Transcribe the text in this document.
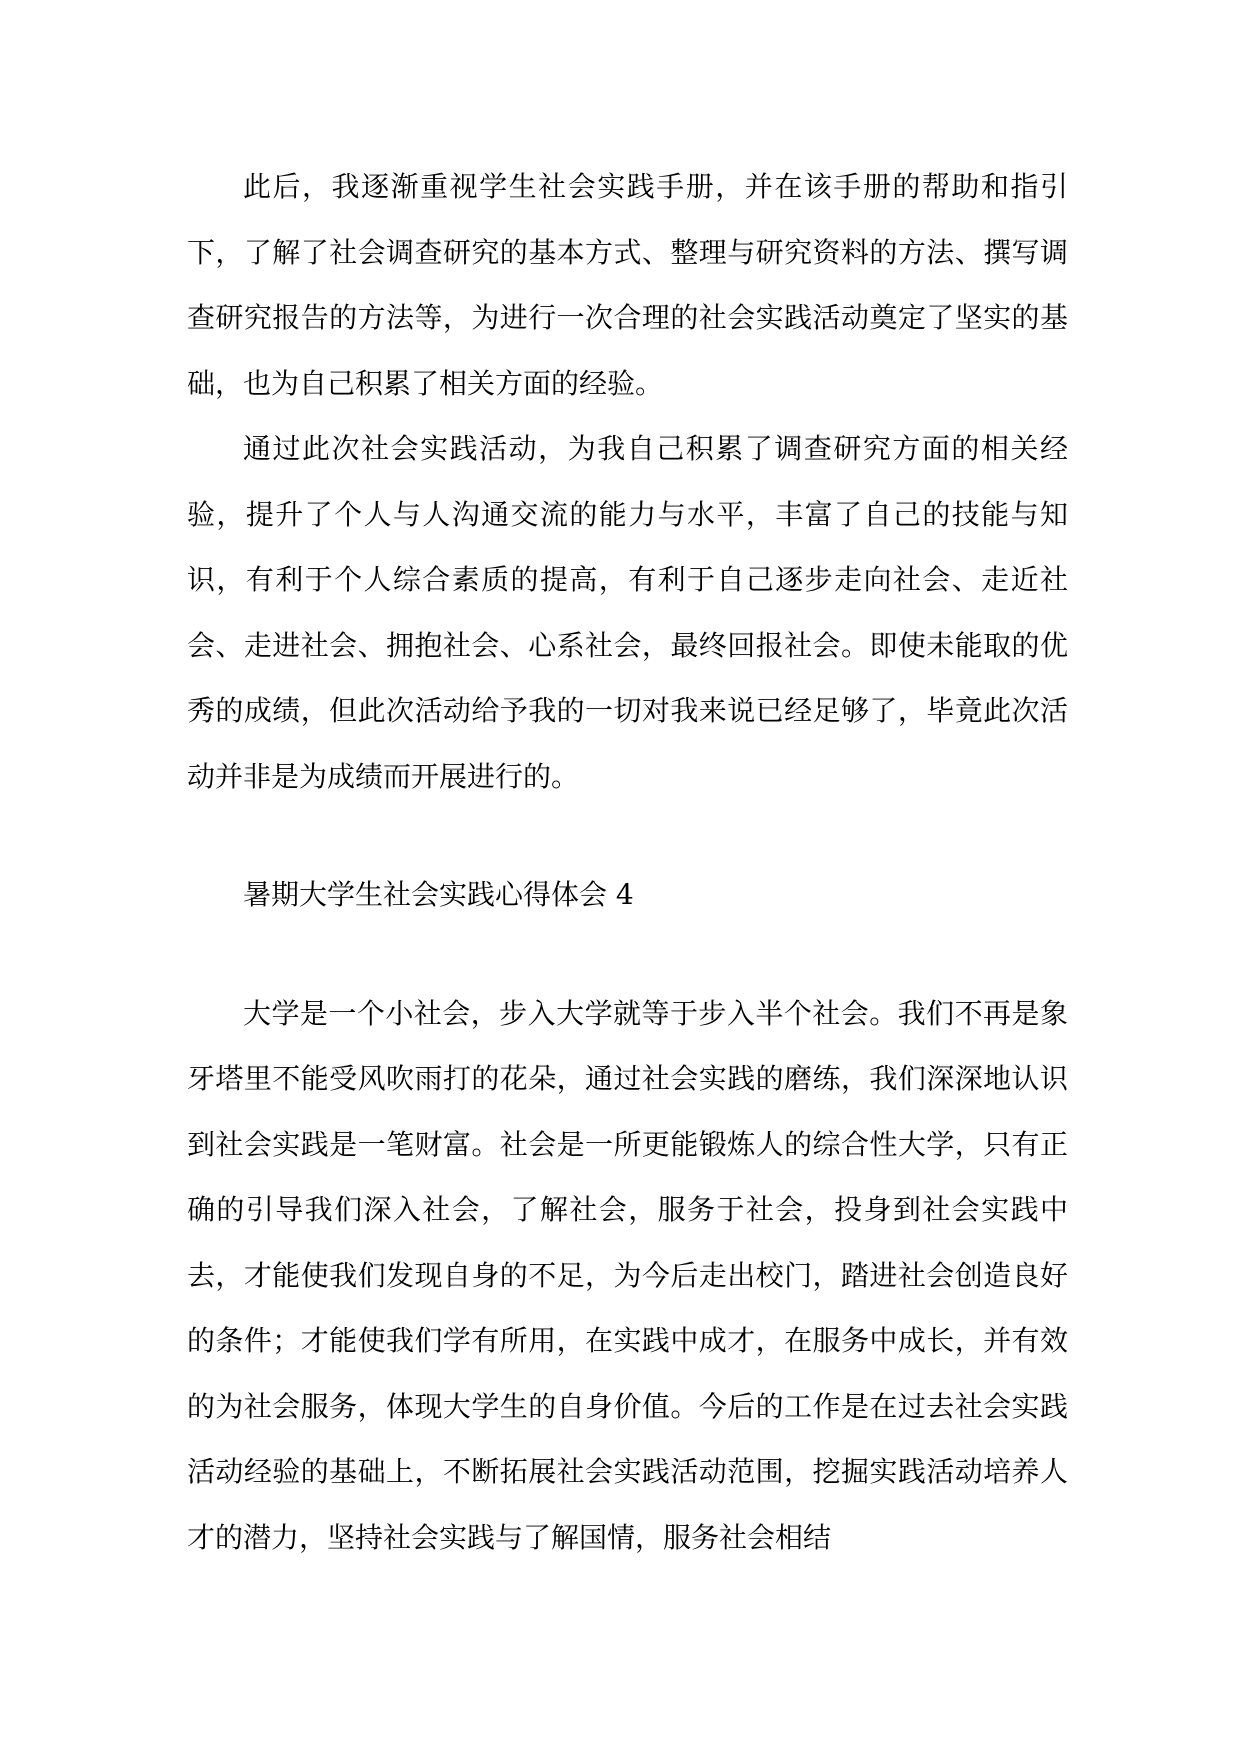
此后，我逐渐重视学生社会实践手册，并在该手册的帮助和指引下，了解了社会调查研究的基本方式、整理与研究资料的方法、撰写调查研究报告的方法等，为进行一次合理的社会实践活动奠定了坚实的基础，也为自己积累了相关方面的经验。

通过此次社会实践活动，为我自己积累了调查研究方面的相关经验，提升了个人与人沟通交流的能力与水平，丰富了自己的技能与知识，有利于个人综合素质的提高，有利于自己逐步走向社会、走近社会、走进社会、拥抱社会、心系社会，最终回报社会。即使未能取的优秀的成绩，但此次活动给予我的一切对我来说已经足够了，毕竟此次活动并非是为成绩而开展进行的。

暑期大学生社会实践心得体会 4

大学是一个小社会，步入大学就等于步入半个社会。我们不再是象牙塔里不能受风吹雨打的花朵，通过社会实践的磨练，我们深深地认识到社会实践是一笔财富。社会是一所更能锻炼人的综合性大学，只有正确的引导我们深入社会，了解社会，服务于社会，投身到社会实践中去，才能使我们发现自身的不足，为今后走出校门，踏进社会创造良好的条件；才能使我们学有所用，在实践中成才，在服务中成长，并有效的为社会服务，体现大学生的自身价值。今后的工作是在过去社会实践活动经验的基础上，不断拓展社会实践活动范围，挖掘实践活动培养人才的潜力，坚持社会实践与了解国情，服务社会相结
